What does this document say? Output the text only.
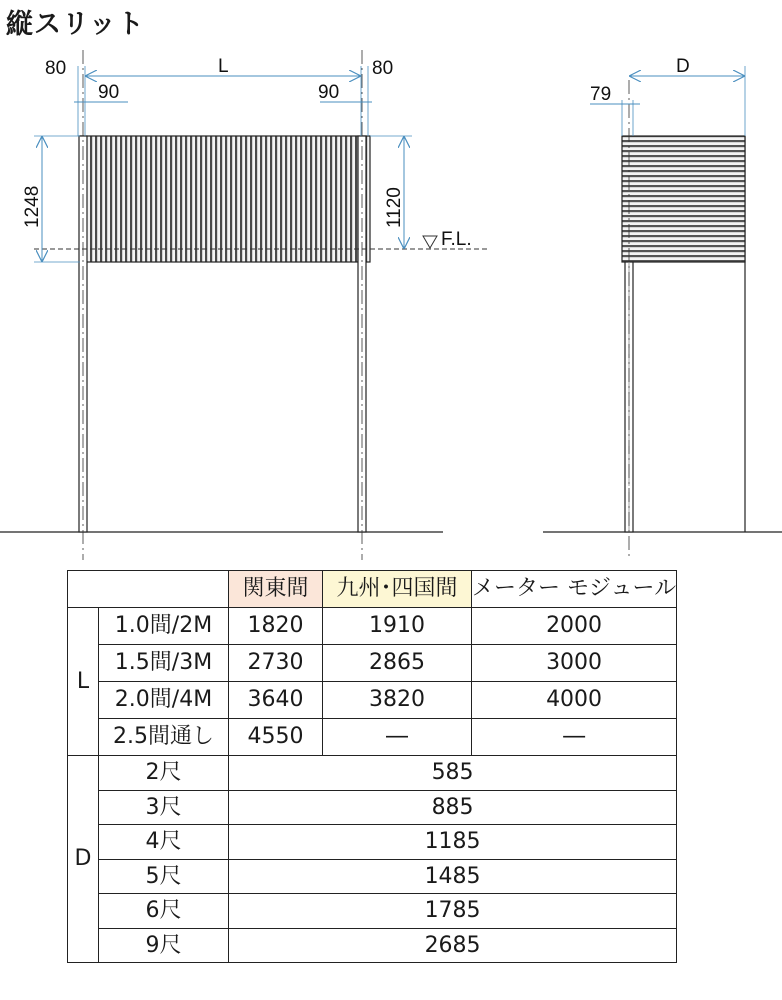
縦スリット
F.L.
L
80	80
90	90
1248	1120
D
79
		関東間	九州･四国間	メーター モジュール
L	1.0間/2M	1820	1910	2000
	1.5間/3M	2730	2865	3000
	2.0間/4M	3640	3820	4000
	2.5間通し	4550	―	―
D	2尺	585		
	3尺	885		
	4尺	1185		
	5尺	1485		
	6尺	1785		
	9尺	2685		
